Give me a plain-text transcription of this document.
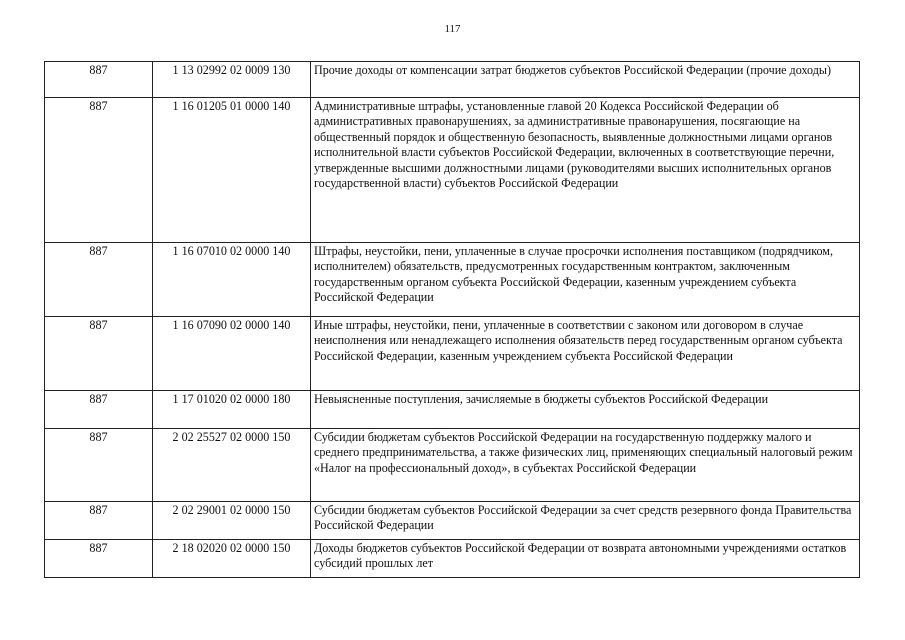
117
887	1 13 02992 02 0009 130	Прочие доходы от компенсации затрат бюджетов субъектов Российской Федерации (прочие доходы)
887	1 16 01205 01 0000 140	Административные штрафы, установленные главой 20 Кодекса Российской Федерации об административных правонарушениях, за административные правонарушения, посягающие на общественный порядок и общественную безопасность, выявленные должностными лицами органов исполнительной власти субъектов Российской Федерации, включенных в соответствующие перечни, утвержденные высшими должностными лицами (руководителями высших исполнительных органов государственной власти) субъектов Российской Федерации
887	1 16 07010 02 0000 140	Штрафы, неустойки, пени, уплаченные в случае просрочки исполнения поставщиком (подрядчиком, исполнителем) обязательств, предусмотренных государственным контрактом, заключенным государственным органом субъекта Российской Федерации, казенным учреждением субъекта Российской Федерации
887	1 16 07090 02 0000 140	Иные штрафы, неустойки, пени, уплаченные в соответствии с законом или договором в случае неисполнения или ненадлежащего исполнения обязательств перед государственным органом субъекта Российской Федерации, казенным учреждением субъекта Российской Федерации
887	1 17 01020 02 0000 180	Невыясненные поступления, зачисляемые в бюджеты субъектов Российской Федерации
887	2 02 25527 02 0000 150	Субсидии бюджетам субъектов Российской Федерации на государственную поддержку малого и среднего предпринимательства, а также физических лиц, применяющих специальный налоговый режим «Налог на профессиональный доход», в субъектах Российской Федерации
887	2 02 29001 02 0000 150	Субсидии бюджетам субъектов Российской Федерации за счет средств резервного фонда Правительства Российской Федерации
887	2 18 02020 02 0000 150	Доходы бюджетов субъектов Российской Федерации от возврата автономными учреждениями остатков субсидий прошлых лет
